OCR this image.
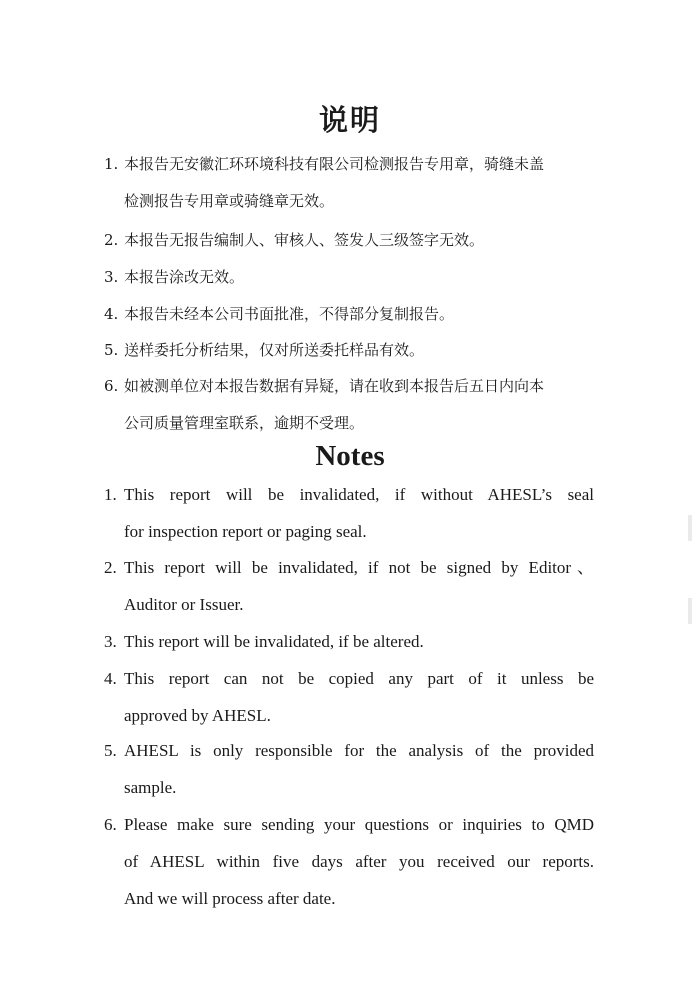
说明
1. 本报告无安徽汇环环境科技有限公司检测报告专用章，骑缝未盖
检测报告专用章或骑缝章无效。
2. 本报告无报告编制人、审核人、签发人三级签字无效。
3. 本报告涂改无效。
4. 本报告未经本公司书面批准，不得部分复制报告。
5. 送样委托分析结果，仅对所送委托样品有效。
6. 如被测单位对本报告数据有异疑，请在收到本报告后五日内向本
公司质量管理室联系，逾期不受理。
Notes
1. This report will be invalidated, if without AHESL’s seal
for inspection report or paging seal.
2. This report will be invalidated, if not be signed by Editor、
Auditor or Issuer.
3. This report will be invalidated, if be altered.
4. This report can not be copied any part of it unless be
approved by AHESL.
5. AHESL is only responsible for the analysis of the provided
sample.
6. Please make sure sending your questions or inquiries to QMD
of AHESL within five days after you received our reports.
And we will process after date.
